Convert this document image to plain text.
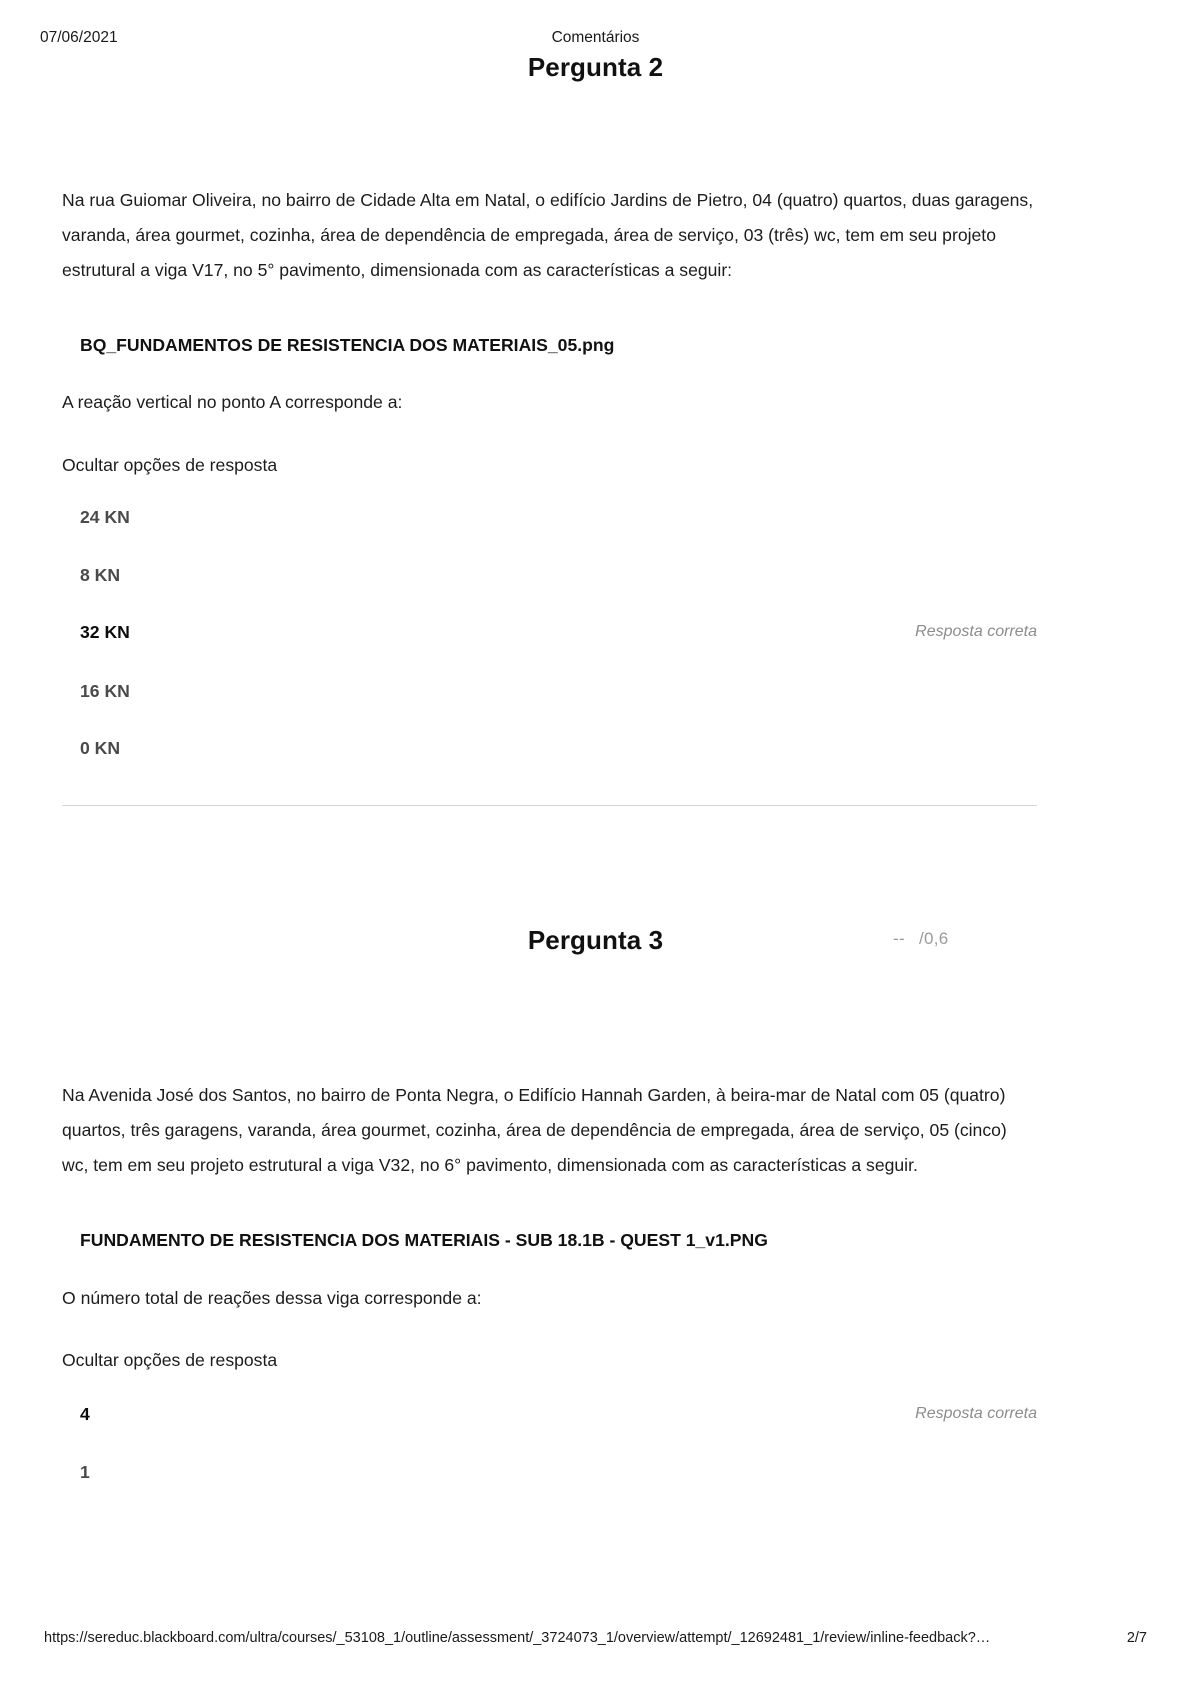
07/06/2021	Comentários
Pergunta 2
Na rua Guiomar Oliveira, no bairro de Cidade Alta em Natal, o edifício Jardins de Pietro, 04 (quatro) quartos, duas garagens, varanda, área gourmet, cozinha, área de dependência de empregada, área de serviço, 03 (três) wc, tem em seu projeto estrutural a viga V17, no 5° pavimento, dimensionada com as características a seguir:
BQ_FUNDAMENTOS DE RESISTENCIA DOS MATERIAIS_05.png
A reação vertical no ponto A corresponde a:
Ocultar opções de resposta
24 KN
8 KN
32 KN	Resposta correta
16 KN
0 KN
Pergunta 3	-- /0,6
Na Avenida José dos Santos, no bairro de Ponta Negra, o Edifício Hannah Garden, à beira-mar de Natal com 05 (quatro) quartos, três garagens, varanda, área gourmet, cozinha, área de dependência de empregada, área de serviço, 05 (cinco) wc, tem em seu projeto estrutural a viga V32, no 6° pavimento, dimensionada com as características a seguir.
FUNDAMENTO DE RESISTENCIA DOS MATERIAIS - SUB 18.1B - QUEST 1_v1.PNG
O número total de reações dessa viga corresponde a:
Ocultar opções de resposta
4	Resposta correta
1
https://sereduc.blackboard.com/ultra/courses/_53108_1/outline/assessment/_3724073_1/overview/attempt/_12692481_1/review/inline-feedback?…	2/7
